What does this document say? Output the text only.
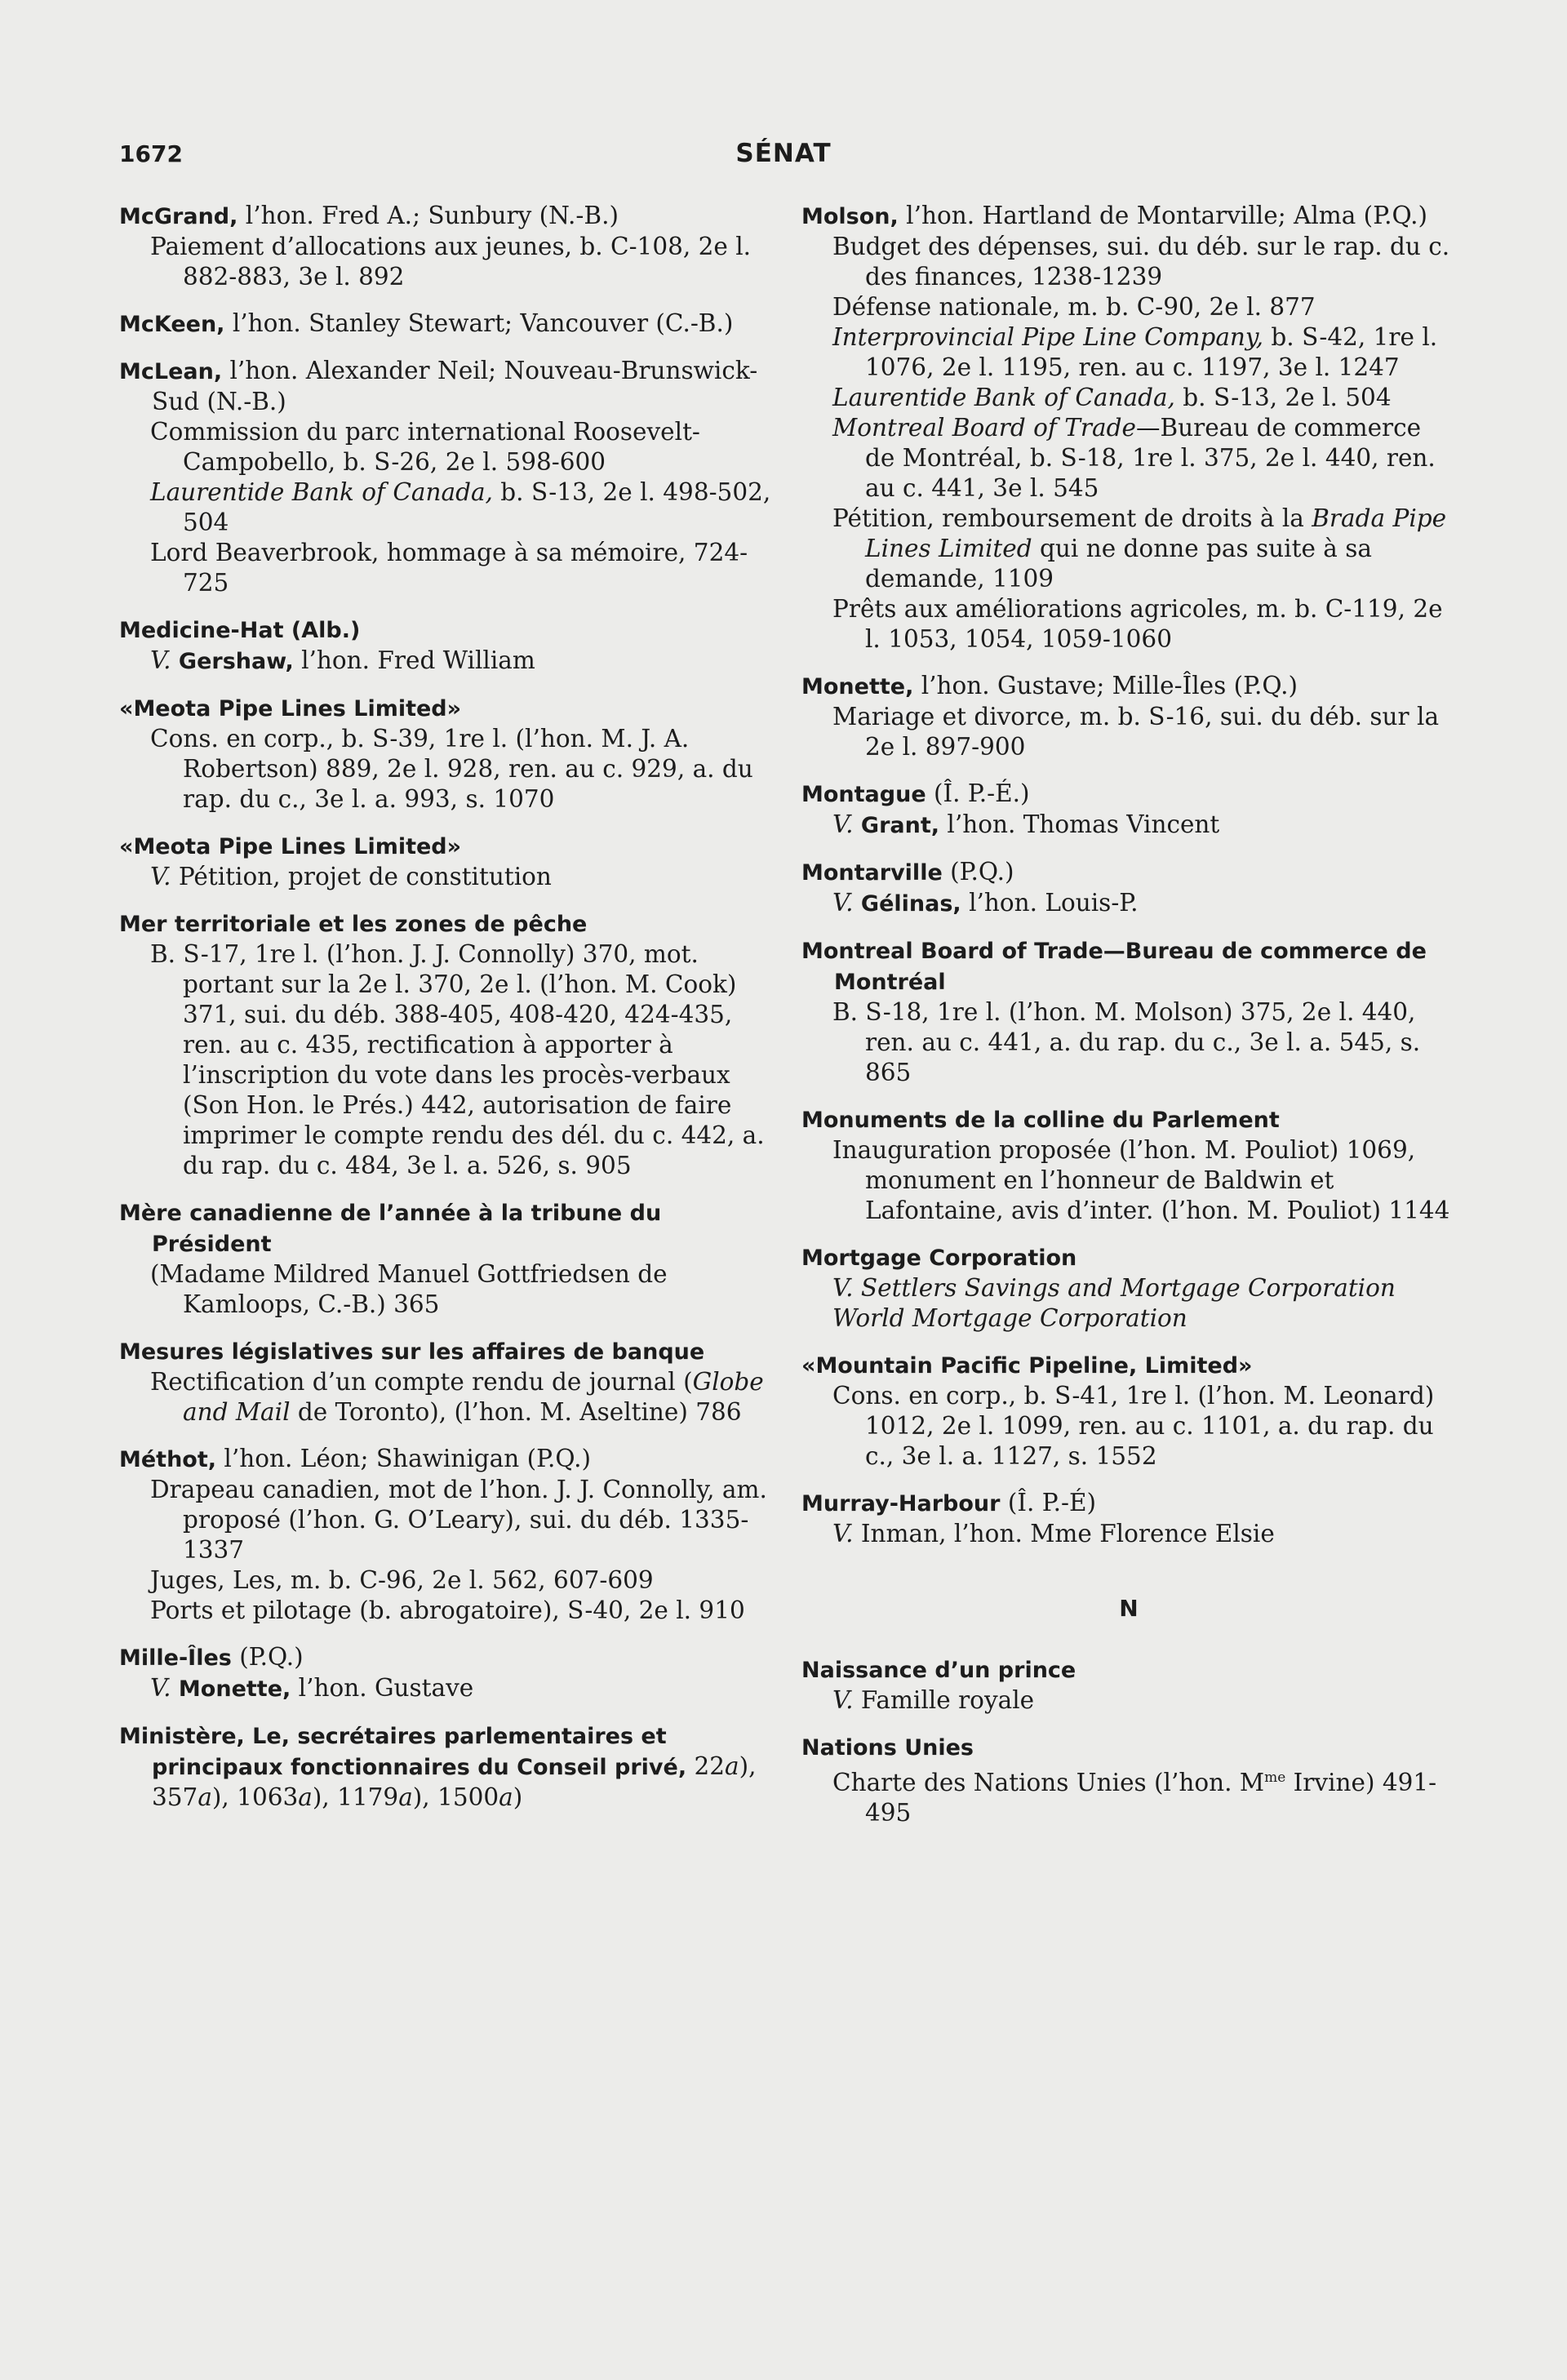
1672	SÉNAT
McGrand, l’hon. Fred A.; Sunbury (N.-B.)
Paiement d’allocations aux jeunes, b. C-108, 2e l. 882-883, 3e l. 892
McKeen, l’hon. Stanley Stewart; Vancouver (C.-B.)
McLean, l’hon. Alexander Neil; Nouveau-Brunswick-Sud (N.-B.)
Commission du parc international Roosevelt-Campobello, b. S-26, 2e l. 598-600
Laurentide Bank of Canada, b. S-13, 2e l. 498-502, 504
Lord Beaverbrook, hommage à sa mémoire, 724-725
Medicine-Hat (Alb.)
V. Gershaw, l’hon. Fred William
«Meota Pipe Lines Limited»
Cons. en corp., b. S-39, 1re l. (l’hon. M. J. A. Robertson) 889, 2e l. 928, ren. au c. 929, a. du rap. du c., 3e l. a. 993, s. 1070
«Meota Pipe Lines Limited»
V. Pétition, projet de constitution
Mer territoriale et les zones de pêche
B. S-17, 1re l. (l’hon. J. J. Connolly) 370, mot. portant sur la 2e l. 370, 2e l. (l’hon. M. Cook) 371, sui. du déb. 388-405, 408-420, 424-435, ren. au c. 435, rectification à apporter à l’inscription du vote dans les procès-verbaux (Son Hon. le Prés.) 442, autorisation de faire imprimer le compte rendu des dél. du c. 442, a. du rap. du c. 484, 3e l. a. 526, s. 905
Mère canadienne de l’année à la tribune du Président
(Madame Mildred Manuel Gottfriedsen de Kamloops, C.-B.) 365
Mesures législatives sur les affaires de banque
Rectification d’un compte rendu de journal (Globe and Mail de Toronto), (l’hon. M. Aseltine) 786
Méthot, l’hon. Léon; Shawinigan (P.Q.)
Drapeau canadien, mot de l’hon. J. J. Connolly, am. proposé (l’hon. G. O’Leary), sui. du déb. 1335-1337
Juges, Les, m. b. C-96, 2e l. 562, 607-609
Ports et pilotage (b. abrogatoire), S-40, 2e l. 910
Mille-Îles (P.Q.)
V. Monette, l’hon. Gustave
Ministère, Le, secrétaires parlementaires et principaux fonctionnaires du Conseil privé, 22a), 357a), 1063a), 1179a), 1500a)
Molson, l’hon. Hartland de Montarville; Alma (P.Q.)
Budget des dépenses, sui. du déb. sur le rap. du c. des finances, 1238-1239
Défense nationale, m. b. C-90, 2e l. 877
Interprovincial Pipe Line Company, b. S-42, 1re l. 1076, 2e l. 1195, ren. au c. 1197, 3e l. 1247
Laurentide Bank of Canada, b. S-13, 2e l. 504
Montreal Board of Trade—Bureau de commerce de Montréal, b. S-18, 1re l. 375, 2e l. 440, ren. au c. 441, 3e l. 545
Pétition, remboursement de droits à la Brada Pipe Lines Limited qui ne donne pas suite à sa demande, 1109
Prêts aux améliorations agricoles, m. b. C-119, 2e l. 1053, 1054, 1059-1060
Monette, l’hon. Gustave; Mille-Îles (P.Q.)
Mariage et divorce, m. b. S-16, sui. du déb. sur la 2e l. 897-900
Montague (Î. P.-É.)
V. Grant, l’hon. Thomas Vincent
Montarville (P.Q.)
V. Gélinas, l’hon. Louis-P.
Montreal Board of Trade—Bureau de commerce de Montréal
B. S-18, 1re l. (l’hon. M. Molson) 375, 2e l. 440, ren. au c. 441, a. du rap. du c., 3e l. a. 545, s. 865
Monuments de la colline du Parlement
Inauguration proposée (l’hon. M. Pouliot) 1069, monument en l’honneur de Baldwin et Lafontaine, avis d’inter. (l’hon. M. Pouliot) 1144
Mortgage Corporation
V. Settlers Savings and Mortgage Corporation
World Mortgage Corporation
«Mountain Pacific Pipeline, Limited»
Cons. en corp., b. S-41, 1re l. (l’hon. M. Leonard) 1012, 2e l. 1099, ren. au c. 1101, a. du rap. du c., 3e l. a. 1127, s. 1552
Murray-Harbour (Î. P.-É)
V. Inman, l’hon. Mme Florence Elsie
N
Naissance d’un prince
V. Famille royale
Nations Unies
Charte des Nations Unies (l’hon. $M^{me}$ Irvine) 491-495
